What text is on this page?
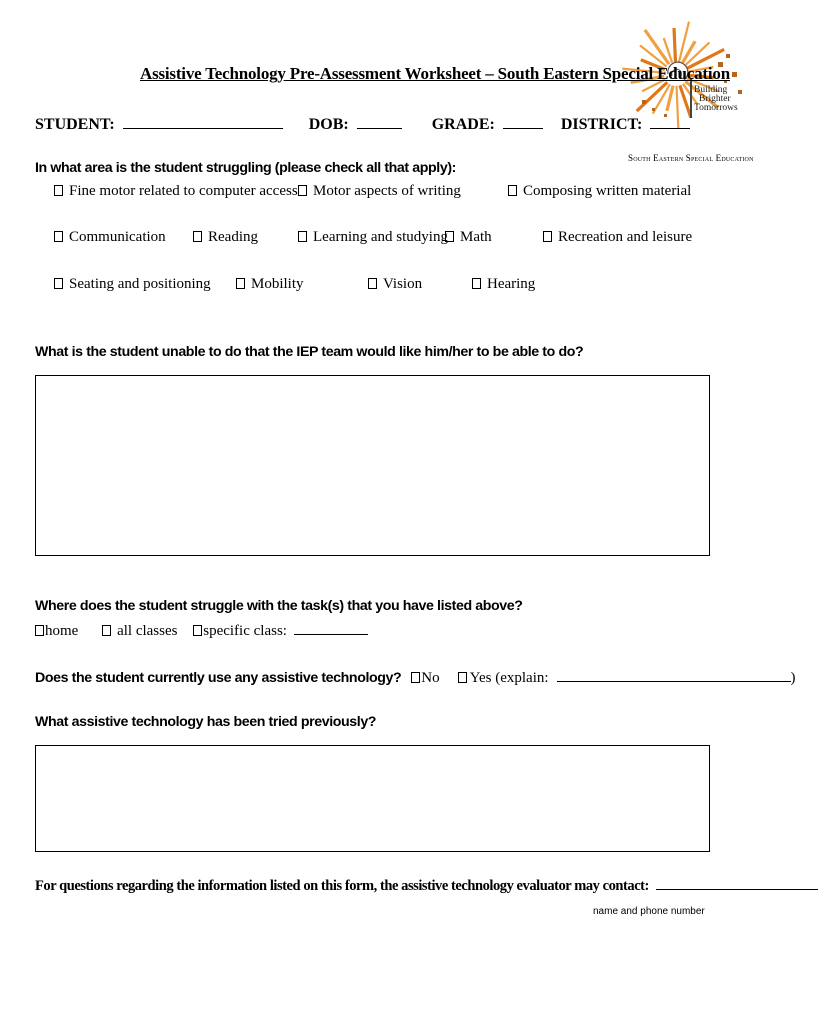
Building
Brighter
Tomorrows
South Eastern Special Education
Assistive Technology Pre-Assessment Worksheet – South Eastern Special Education
STUDENT:	DOB:	GRADE:	DISTRICT:
In what area is the student struggling (please check all that apply):
Fine motor related to computer access	Motor aspects of writing	Composing written material
Communication	Reading	Learning and studying Math	Recreation and leisure
Seating and positioning	Mobility	Vision	Hearing
What is the student unable to do that the IEP team would like him/her to be able to do?
Where does the student struggle with the task(s) that you have listed above?
home	all classes specific class:
Does the student currently use any assistive technology? No Yes (explain:	)
What assistive technology has been tried previously?
For questions regarding the information listed on this form, the assistive technology evaluator may contact:
name and phone number
